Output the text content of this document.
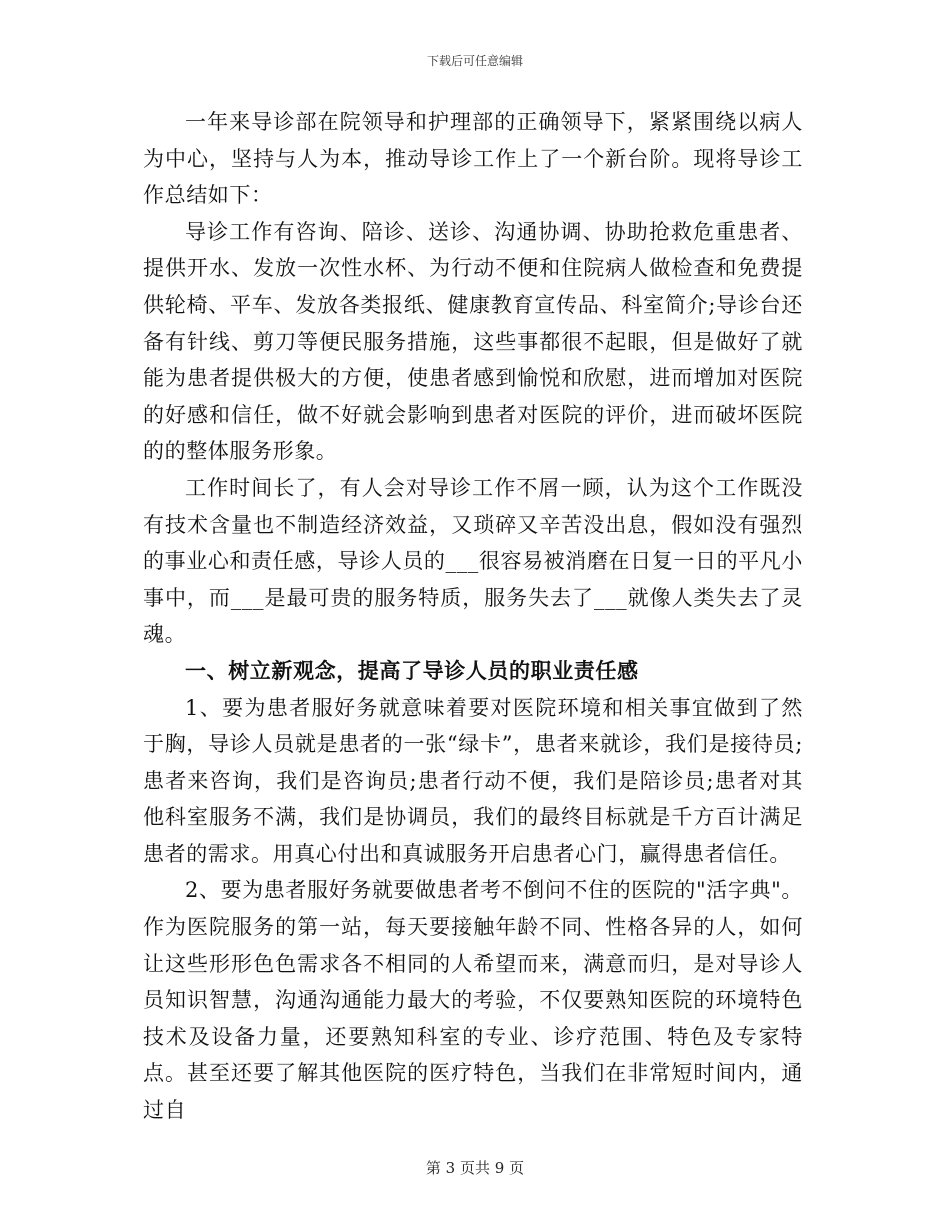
下载后可任意编辑

一年来导诊部在院领导和护理部的正确领导下，紧紧围绕以病人为中心，坚持与人为本，推动导诊工作上了一个新台阶。现将导诊工作总结如下：

导诊工作有咨询、陪诊、送诊、沟通协调、协助抢救危重患者、提供开水、发放一次性水杯、为行动不便和住院病人做检查和免费提供轮椅、平车、发放各类报纸、健康教育宣传品、科室简介;导诊台还备有针线、剪刀等便民服务措施，这些事都很不起眼，但是做好了就能为患者提供极大的方便，使患者感到愉悦和欣慰，进而增加对医院的好感和信任，做不好就会影响到患者对医院的评价，进而破坏医院的的整体服务形象。

工作时间长了，有人会对导诊工作不屑一顾，认为这个工作既没有技术含量也不制造经济效益，又琐碎又辛苦没出息，假如没有强烈的事业心和责任感，导诊人员的___很容易被消磨在日复一日的平凡小事中，而___是最可贵的服务特质，服务失去了___就像人类失去了灵魂。

一、树立新观念，提高了导诊人员的职业责任感

1、要为患者服好务就意味着要对医院环境和相关事宜做到了然于胸，导诊人员就是患者的一张“绿卡”，患者来就诊，我们是接待员;患者来咨询，我们是咨询员;患者行动不便，我们是陪诊员;患者对其他科室服务不满，我们是协调员，我们的最终目标就是千方百计满足患者的需求。用真心付出和真诚服务开启患者心门，赢得患者信任。

2、要为患者服好务就要做患者考不倒问不住的医院的"活字典"。作为医院服务的第一站，每天要接触年龄不同、性格各异的人，如何让这些形形色色需求各不相同的人希望而来，满意而归，是对导诊人员知识智慧，沟通沟通能力最大的考验，不仅要熟知医院的环境特色技术及设备力量，还要熟知科室的专业、诊疗范围、特色及专家特点。甚至还要了解其他医院的医疗特色，当我们在非常短时间内，通过自

第 3 页共 9 页
